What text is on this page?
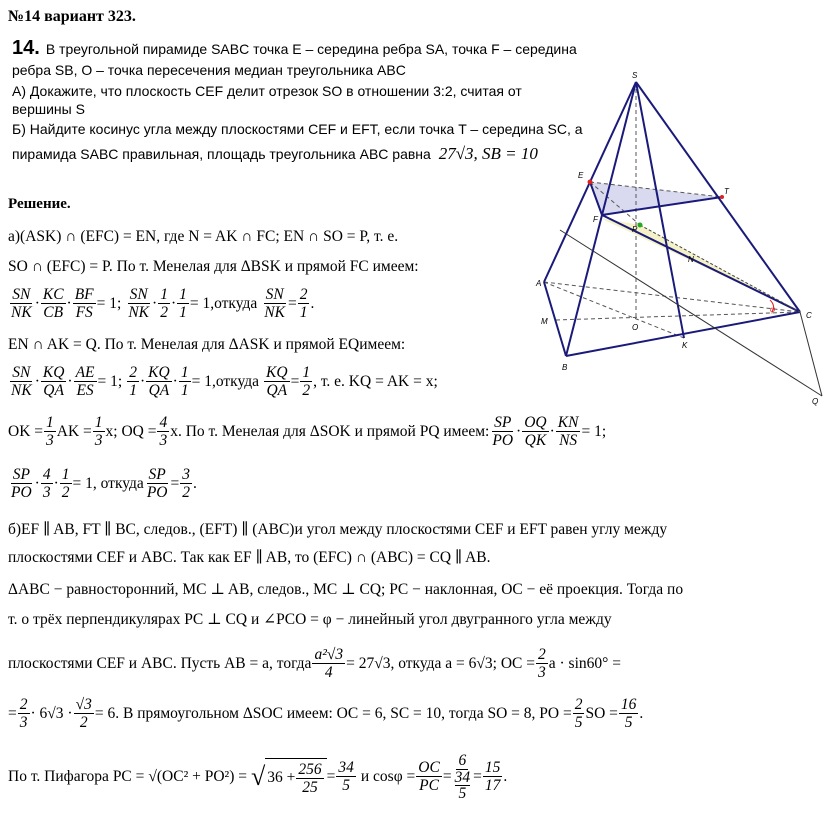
№14 вариант 323.
14. В треугольной пирамиде SABC точка E – середина ребра SA, точка F – середина
ребра SB, O – точка пересечения медиан треугольника ABC
А) Докажите, что плоскость CEF делит отрезок SO в отношении 3:2, считая от
вершины S
Б) Найдите косинус угла между плоскостями CEF и EFT, если точка T – середина SC, а
пирамида SABC правильная, площадь треугольника ABC равна 27√3, SB = 10
Решение.
а)(ASK) ∩ (EFC) = EN, где N = AK ∩ FC; EN ∩ SO = P, т. е.
SO ∩ (EFC) = P. По т. Менелая для ΔBSK и прямой FC имеем:
$\frac{SN}{NK} \cdot \frac{KC}{CB} \cdot \frac{BF}{FS} = 1$; $\frac{SN}{NK} \cdot \frac{1}{2} \cdot \frac{1}{1}$ = 1,откуда $\frac{SN}{NK} = \frac{2}{1}$ .
EN ∩ AK = Q. По т. Менелая для ΔASK и прямой EQимеем:
$\frac{SN}{NK} \cdot \frac{KQ}{QA} \cdot \frac{AE}{ES} = 1$; $\frac{2}{1} \cdot \frac{KQ}{QA} \cdot \frac{1}{1}$ = 1,откуда $\frac{KQ}{QA} = \frac{1}{2}$ , т. е. KQ = AK = x;
OK = $\frac{1}{3}$ AK = $\frac{1}{3} x$; OQ = $\frac{4}{3} x$. По т. Менелая для ΔSOK и прямой PQ имеем: $\frac{SP}{PO} \cdot \frac{OQ}{QK} \cdot \frac{KN}{NS} = 1$;
$\frac{SP}{PO} \cdot \frac{4}{3} \cdot \frac{1}{2} = 1$, откуда $\frac{SP}{PO} = \frac{3}{2}$ .
б)EF ∥ AB, FT ∥ BC, следов., (EFT) ∥ (ABC)и угол между плоскостями CEF и EFT равен углу между
плоскостями CEF и ABC. Так как EF ∥ AB, то (EFC) ∩ (ABC) = CQ ∥ AB.
ΔABC − равносторонний, MC ⊥ AB, следов., MC ⊥ CQ; PC − наклонная, OC − её проекция. Тогда по
т. о трёх перпендикулярах PC ⊥ CQ и ∠PCO = φ − линейный угол двугранного угла между
плоскостями CEF и ABC. Пусть AB = a, тогда $\frac{\text{a²√3}}{4} = 27√3$, откуда a = 6√3; OC = $\frac{2}{3}$ a · sin60° =
= $\frac{2}{3} \cdot 6√3 \cdot \frac{√3}{2} = 6$. В прямоугольном ΔSOC имеем: OC = 6, SC = 10, тогда SO = 8, PO = $\frac{2}{5}$ SO = $\frac{16}{5}$ .
По т. Пифагора PC = √(OC² + PO²) = √ $36 + \frac{256}{25} = \frac{34}{5}$ и $\cos\varphi = \frac{OC}{PC} = 6$
34
$5 = \frac{15}{17}$ .
S
E
T
F
P
N
A
M
O
C
K
B
Q
φ
